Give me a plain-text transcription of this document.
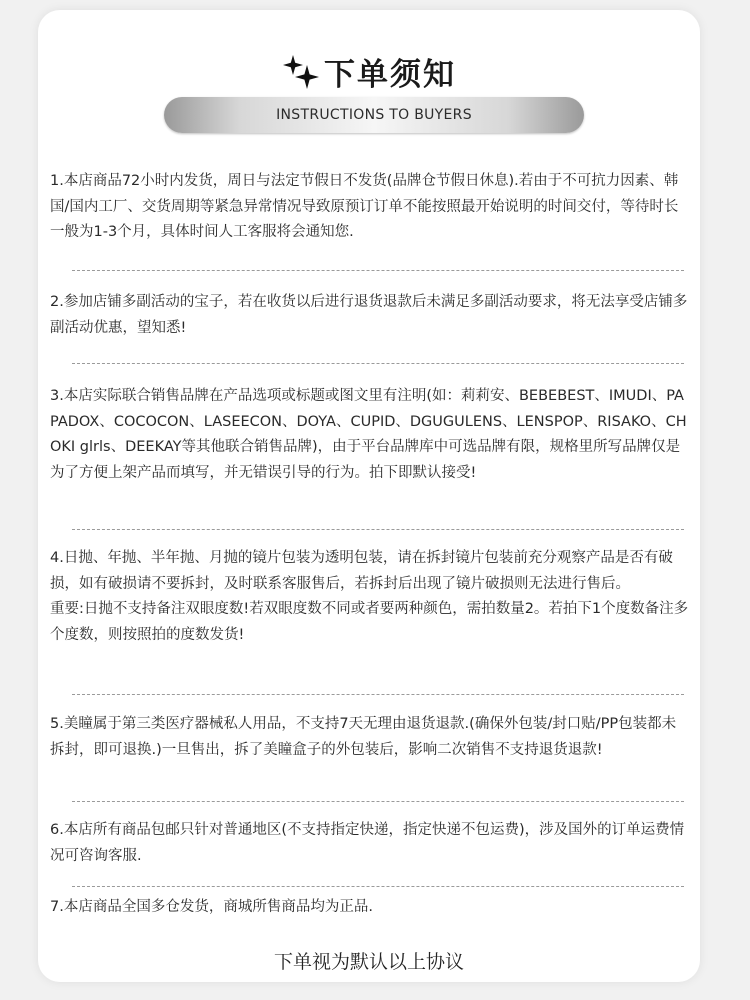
下单须知
INSTRUCTIONS TO BUYERS

1.本店商品72小时内发货，周日与法定节假日不发货(品牌仓节假日休息).若由于不可抗力因素、韩国/国内工厂、交货周期等紧急异常情况导致原预订订单不能按照最开始说明的时间交付，等待时长一般为1-3个月，具体时间人工客服将会通知您.

2.参加店铺多副活动的宝子，若在收货以后进行退货退款后未满足多副活动要求，将无法享受店铺多副活动优惠，望知悉!

3.本店实际联合销售品牌在产品选项或标题或图文里有注明(如：莉莉安、BEBEBEST、IMUDI、PAPADOX、COCOCON、LASEECON、DOYA、CUPID、DGUGULENS、LENSPOP、RISAKO、CHOKI glrls、DEEKAY等其他联合销售品牌)，由于平台品牌库中可选品牌有限，规格里所写品牌仅是为了方便上架产品而填写，并无错误引导的行为。拍下即默认接受!

4.日抛、年抛、半年抛、月抛的镜片包装为透明包装，请在拆封镜片包装前充分观察产品是否有破损，如有破损请不要拆封，及时联系客服售后，若拆封后出现了镜片破损则无法进行售后。

重要:日抛不支持备注双眼度数!若双眼度数不同或者要两种颜色，需拍数量2。若拍下1个度数备注多个度数，则按照拍的度数发货!

5.美瞳属于第三类医疗器械私人用品，不支持7天无理由退货退款.(确保外包装/封口贴/PP包装都未拆封，即可退换.)一旦售出，拆了美瞳盒子的外包装后，影响二次销售不支持退货退款!

6.本店所有商品包邮只针对普通地区(不支持指定快递，指定快递不包运费)，涉及国外的订单运费情况可咨询客服.

7.本店商品全国多仓发货，商城所售商品均为正品.

下单视为默认以上协议
